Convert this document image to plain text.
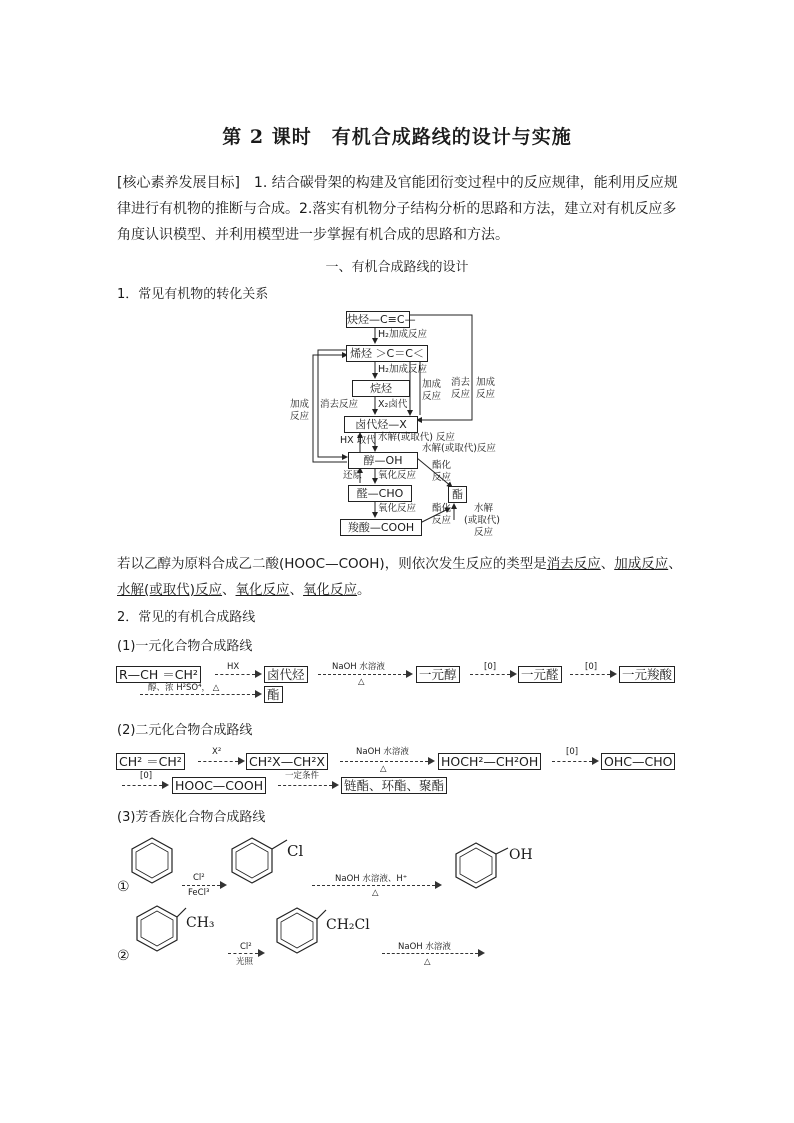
第 2 课时　有机合成路线的设计与实施
[核心素养发展目标]　1. 结合碳骨架的构建及官能团衍变过程中的反应规律，能利用反应规
律进行有机物的推断与合成。2.落实有机物分子结构分析的思路和方法，建立对有机反应多
角度认识模型、并利用模型进一步掌握有机合成的思路和方法。
一、有机合成路线的设计
1．常见有机物的转化关系
炔烃—C≡C—
烯烃 ＞C＝C＜
烷烃
卤代烃—X
醇—OH
醛—CHO
羧酸—COOH
酯
H₂加成反应
H₂加成反应
加成
反应
消去
反应
加成
反应
加成
反应
消去反应 X₂卤代
HX 取代 水解(或取代) 反应
水解(或取代)反应
还原 氧化反应
酯化
反应
氧化反应 酯化
反应
水解
(或取代)
反应
若以乙醇为原料合成乙二酸(HOOC—COOH)，则依次发生反应的类型是消去反应、加成反应、水解(或取代)反应、氧化反应、氧化反应。
2．常见的有机合成路线
(1)一元化合物合成路线
R—CH ＝CH²	HX 卤代烃	NaOH 水溶液
△	一元醇	[0] 一元醛	[0] 一元羧酸
醇、浓 H²SO⁴， △	酯
(2)二元化合物合成路线
CH² ＝CH²
X²
CH²X—CH²X
NaOH 水溶液
△	HOCH²—CH²OH
[0]
OHC—CHO
[0]
HOOC—COOH
一定条件
链酯、环酯、聚酯
(3)芳香族化合物合成路线
Cl	OH
CH₃	CH₂Cl
①
Cl²
FeCl³
NaOH 水溶液、H⁺
△
②
Cl²
光照
NaOH 水溶液
△
